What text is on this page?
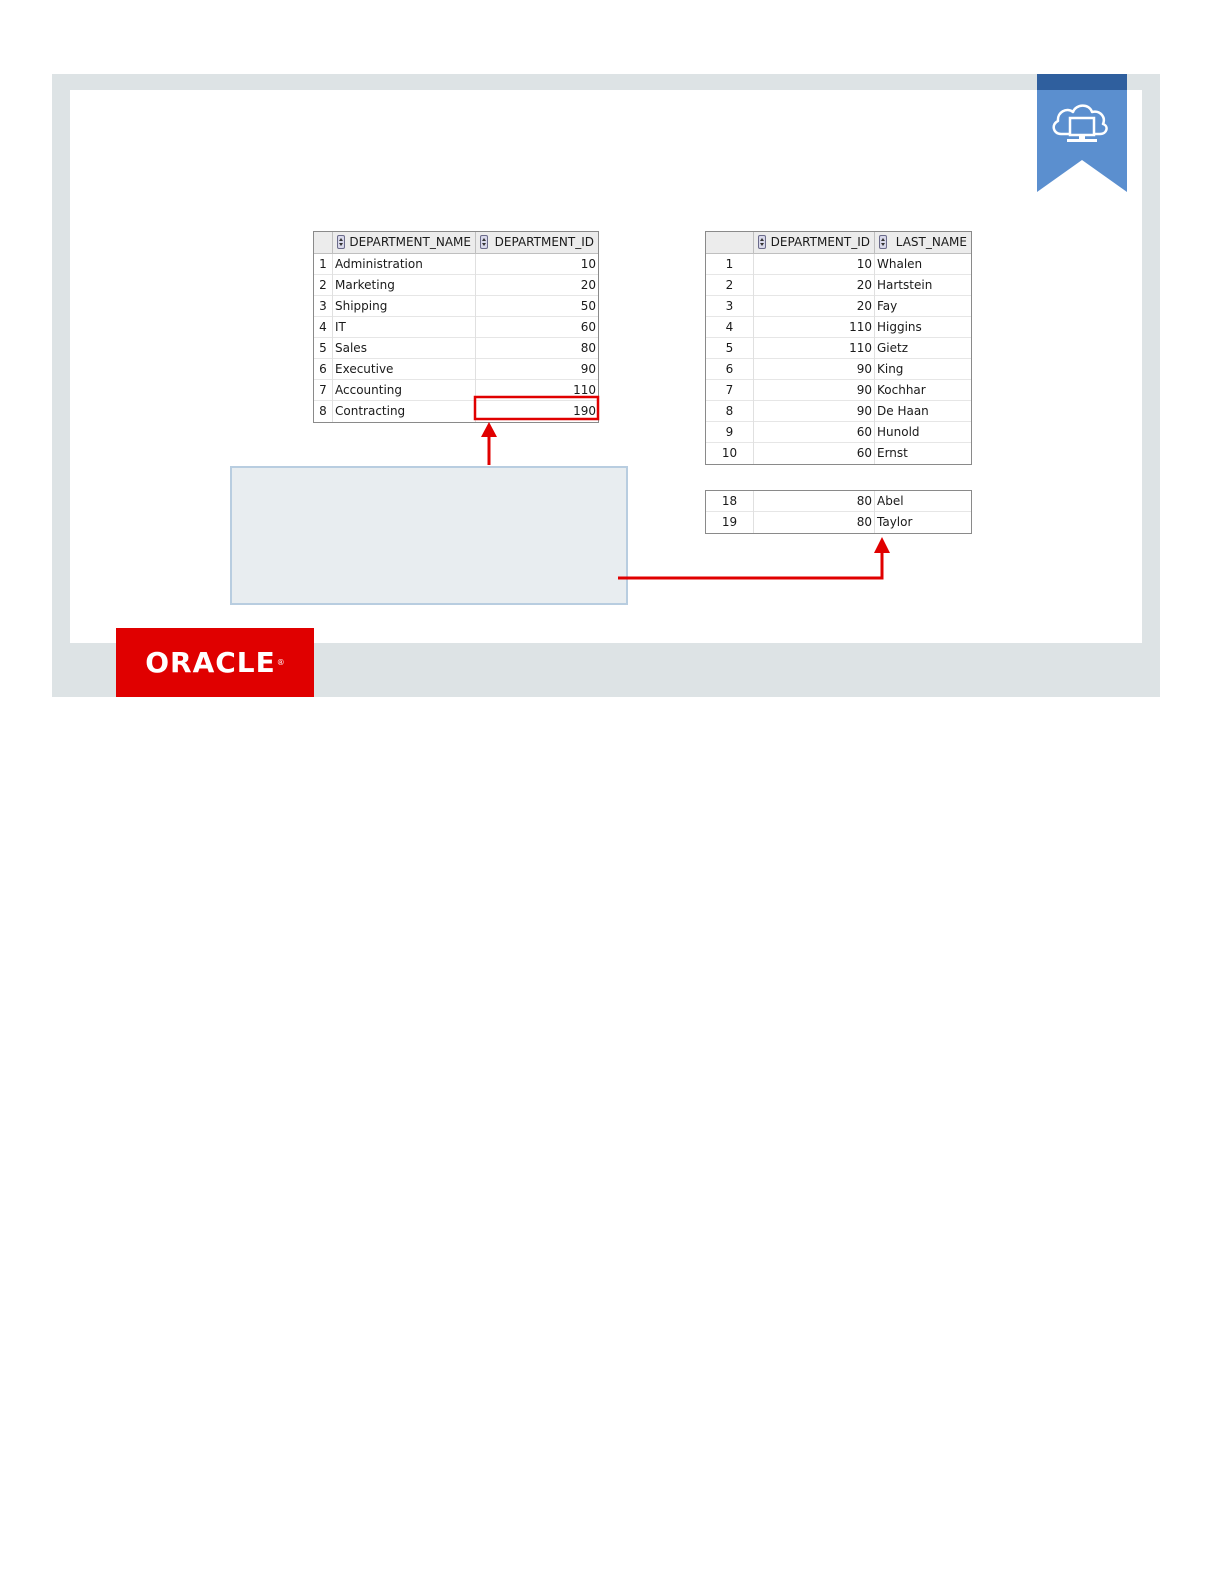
DEPARTMENT_NAME DEPARTMENT_ID
1 Administration	10
2 Marketing	20
3 Shipping	50
4 IT	60
5 Sales	80
6 Executive	90
7 Accounting	110
8 Contracting	190
DEPARTMENT_ID LAST_NAME
1	10 Whalen
2	20 Hartstein
3	20 Fay
4	110 Higgins
5	110 Gietz
6	90 King
7	90 Kochhar
8	90 De Haan
9	60 Hunold
10	60 Ernst
18	80 Abel
19	80 Taylor
ORACLE ®
